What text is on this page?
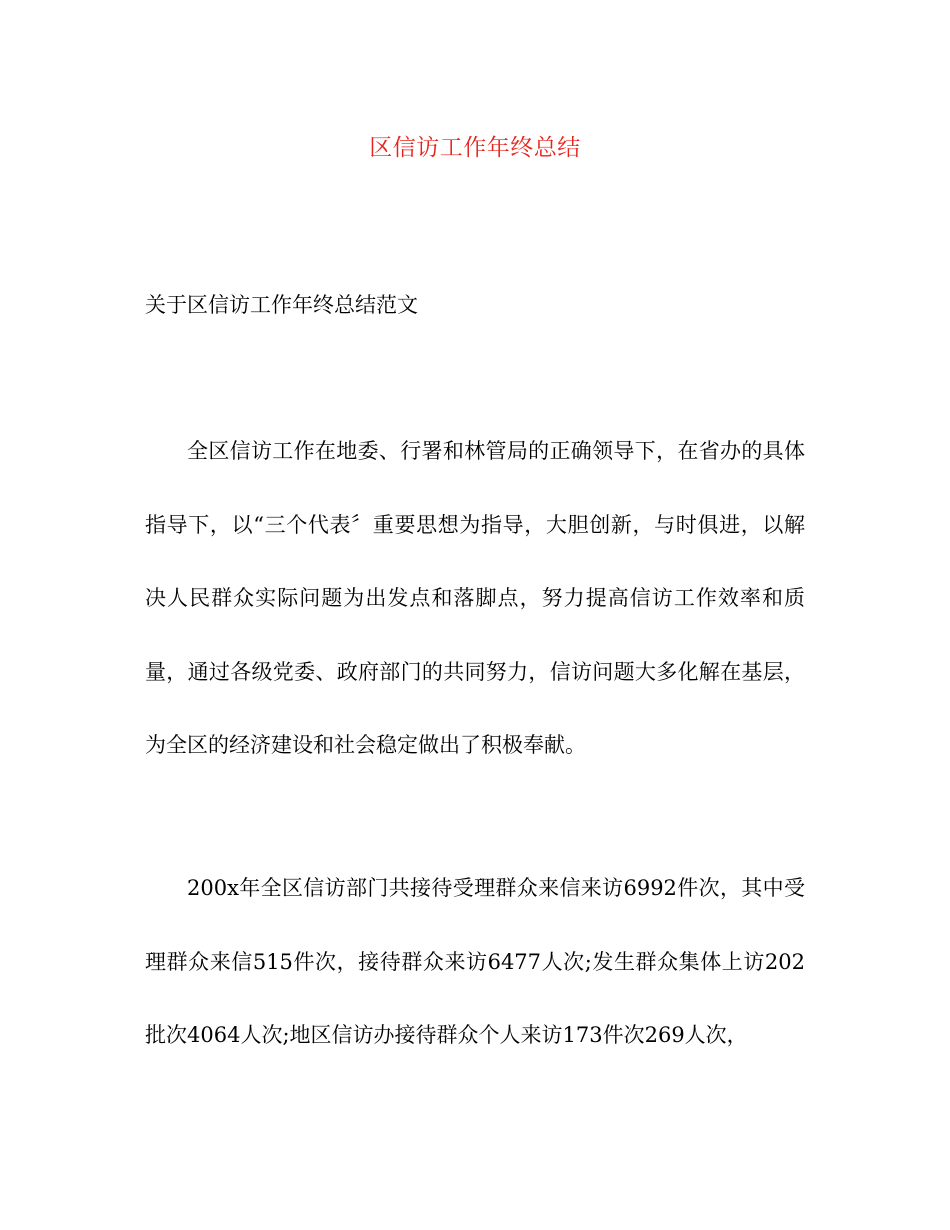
区信访工作年终总结
关于区信访工作年终总结范文

全区信访工作在地委、行署和林管局的正确领导下，在省办的具体指导下，以“三个代表〞重要思想为指导，大胆创新，与时俱进，以解决人民群众实际问题为出发点和落脚点，努力提高信访工作效率和质量，通过各级党委、政府部门的共同努力，信访问题大多化解在基层，为全区的经济建设和社会稳定做出了积极奉献。

200x年全区信访部门共接待受理群众来信来访6992件次，其中受理群众来信515件次，接待群众来访6477人次;发生群众集体上访202批次4064人次;地区信访办接待群众个人来访173件次269人次，
